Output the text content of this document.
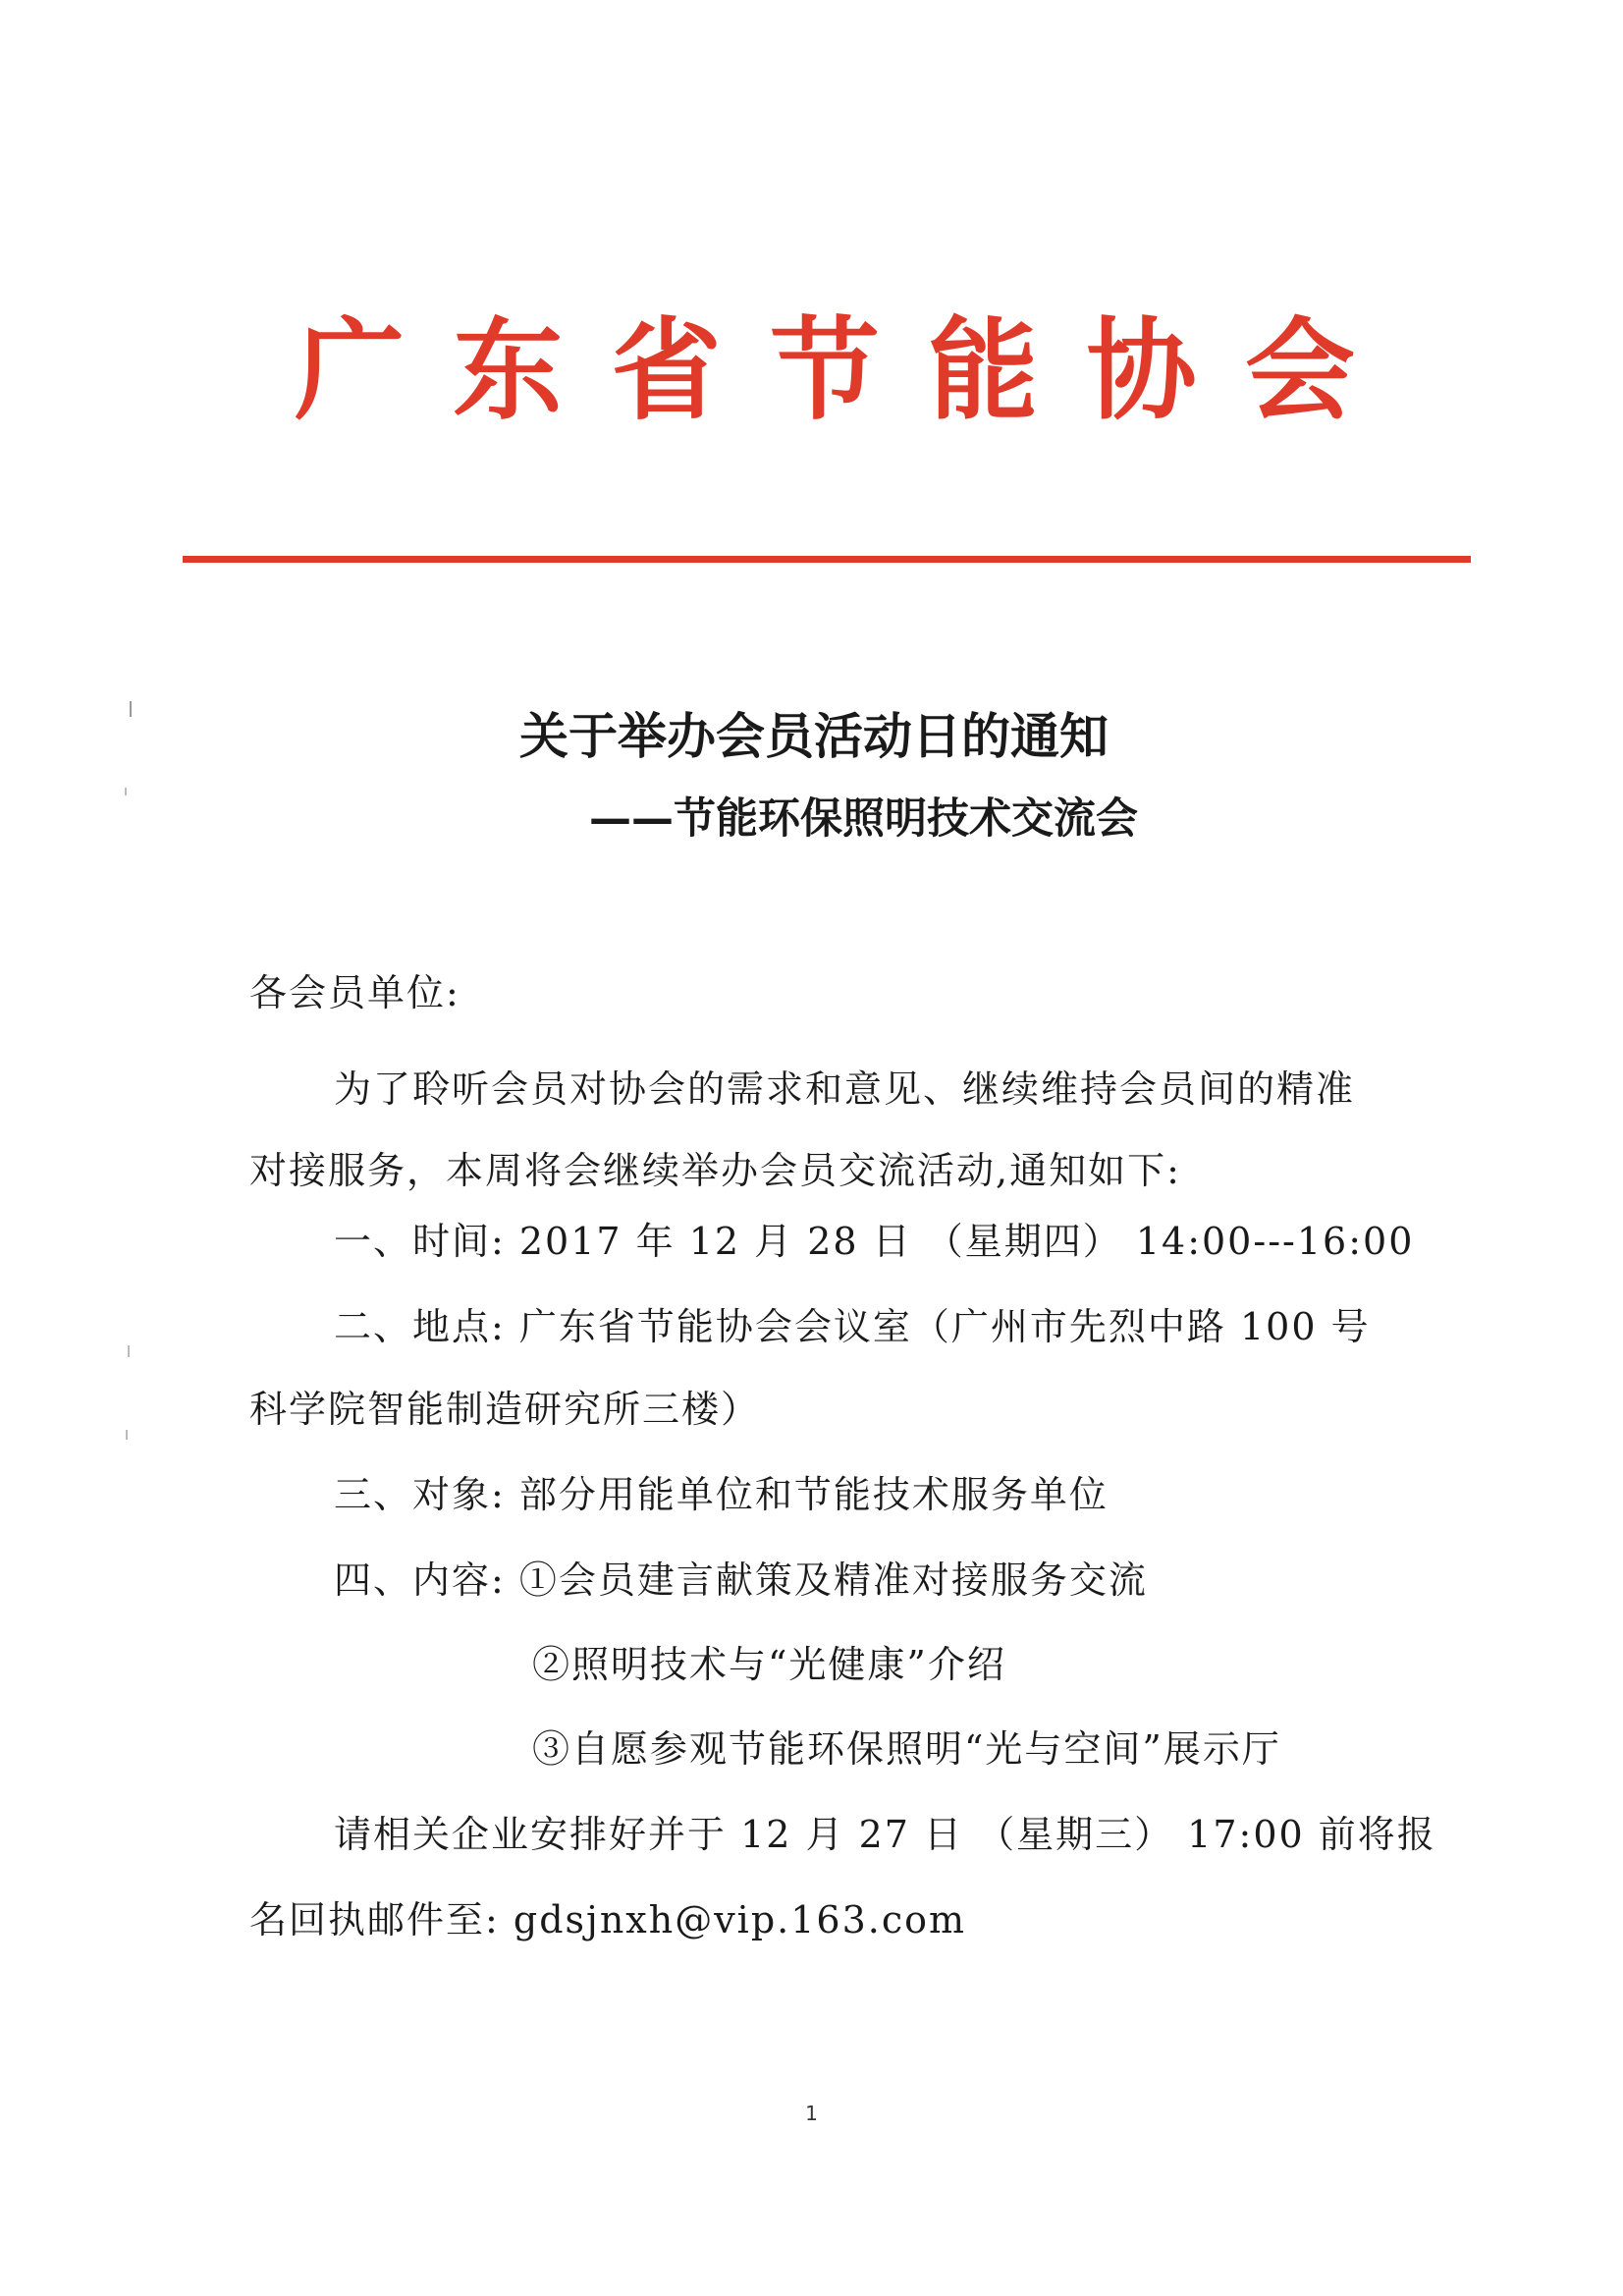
广 东 省 节 能 协 会
关于举办会员活动日的通知
——节能环保照明技术交流会
各会员单位:
为了聆听会员对协会的需求和意见、继续维持会员间的精准
对接服务，本周将会继续举办会员交流活动,通知如下:
一、时间: 2017 年 12 月 28 日 （星期四） 14:00---16:00
二、地点: 广东省节能协会会议室（广州市先烈中路 100 号
科学院智能制造研究所三楼）
三、对象: 部分用能单位和节能技术服务单位
四、内容: ①会员建言献策及精准对接服务交流
②照明技术与“光健康”介绍
③自愿参观节能环保照明“光与空间”展示厅
请相关企业安排好并于 12 月 27 日 （星期三） 17:00 前将报
名回执邮件至: gdsjnxh@vip.163.com
1
